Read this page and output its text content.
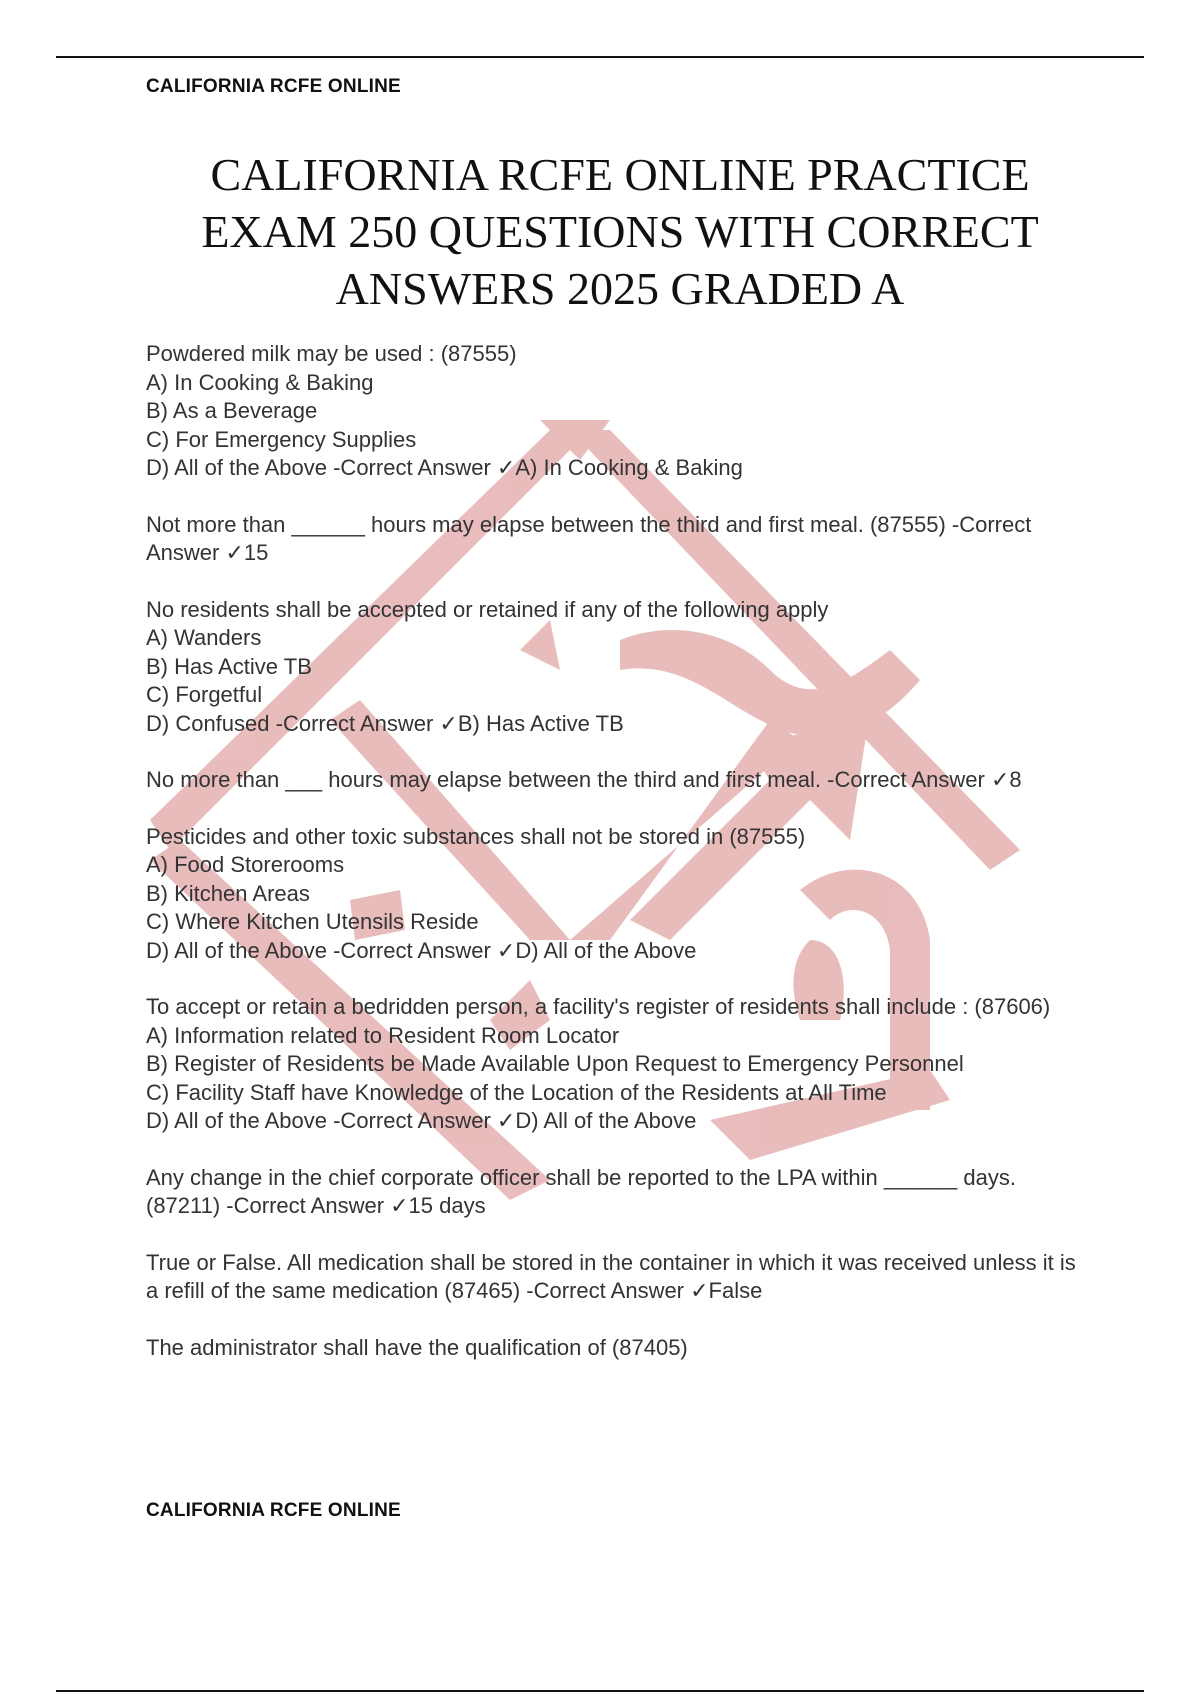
CALIFORNIA RCFE ONLINE
CALIFORNIA RCFE ONLINE PRACTICE
EXAM 250 QUESTIONS WITH CORRECT
ANSWERS 2025 GRADED A
Powdered milk may be used : (87555)
A) In Cooking & Baking
B) As a Beverage
C) For Emergency Supplies
D) All of the Above -Correct Answer ✓A) In Cooking & Baking

Not more than ______ hours may elapse between the third and first meal. (87555) -Correct Answer ✓15

No residents shall be accepted or retained if any of the following apply
A) Wanders
B) Has Active TB
C) Forgetful
D) Confused -Correct Answer ✓B) Has Active TB

No more than ___ hours may elapse between the third and first meal. -Correct Answer ✓8

Pesticides and other toxic substances shall not be stored in (87555)
A) Food Storerooms
B) Kitchen Areas
C) Where Kitchen Utensils Reside
D) All of the Above -Correct Answer ✓D) All of the Above
To accept or retain a bedridden person, a facility's register of residents shall include : (87606)
A) Information related to Resident Room Locator
B) Register of Residents be Made Available Upon Request to Emergency Personnel
C) Facility Staff have Knowledge of the Location of the Residents at All Time
D) All of the Above -Correct Answer ✓D) All of the Above

Any change in the chief corporate officer shall be reported to the LPA within ______ days. (87211) -Correct Answer ✓15 days

True or False. All medication shall be stored in the container in which it was received unless it is a refill of the same medication (87465) -Correct Answer ✓False

The administrator shall have the qualification of (87405)

CALIFORNIA RCFE ONLINE
